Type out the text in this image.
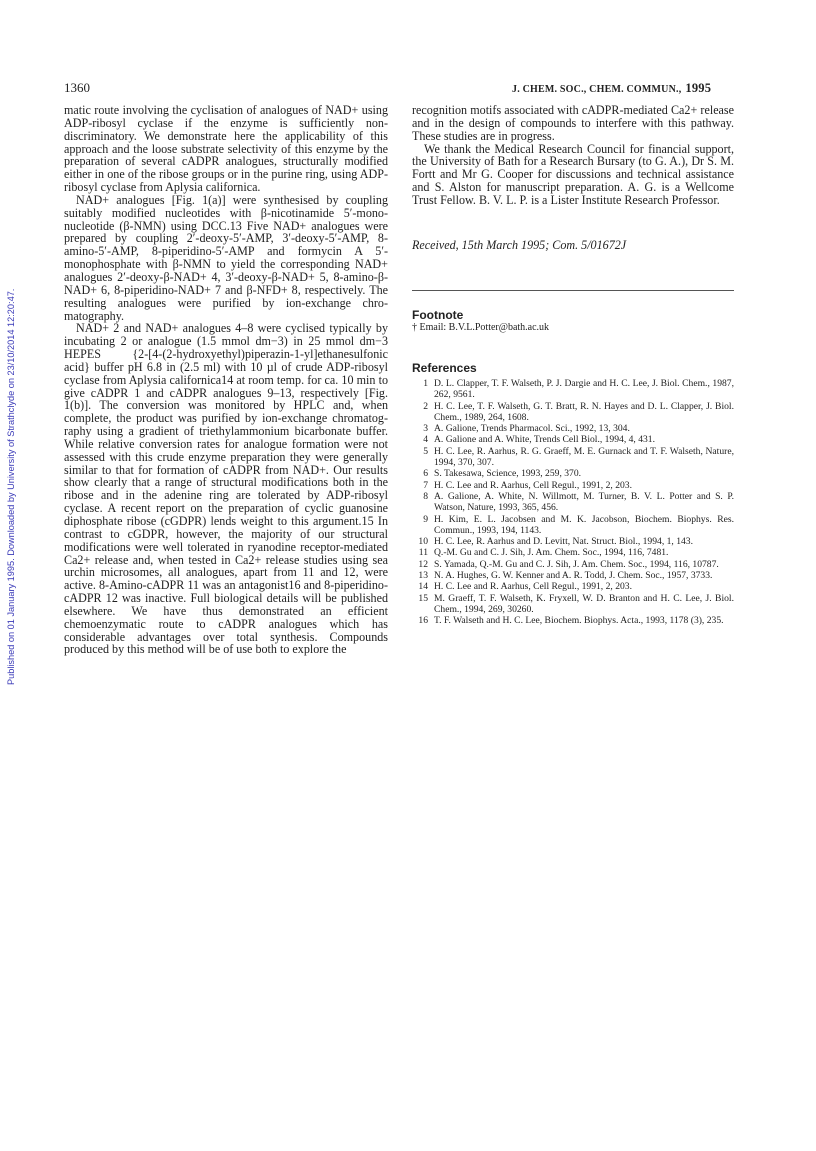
Published on 01 January 1995. Downloaded by University of Strathclyde on 23/10/2014 12:20:47.
1360	J. CHEM. SOC., CHEM. COMMUN., 1995

matic route involving the cyclisation of analogues of NAD+ using ADP-ribosyl cyclase if the enzyme is sufficiently non-discriminatory. We demonstrate here the applicability of this approach and the loose substrate selectivity of this enzyme by the preparation of several cADPR analogues, structurally modified either in one of the ribose groups or in the purine ring, using ADP-ribosyl cyclase from Aplysia californica.

NAD+ analogues [Fig. 1(a)] were synthesised by coupling suitably modified nucleotides with β-nicotinamide 5′-mono-nucleotide (β-NMN) using DCC.13 Five NAD+ analogues were prepared by coupling 2′-deoxy-5′-AMP, 3′-deoxy-5′-AMP, 8-amino-5′-AMP, 8-piperidino-5′-AMP and formycin A 5′-monophosphate with β-NMN to yield the corresponding NAD+ analogues 2′-deoxy-β-NAD+ 4, 3′-deoxy-β-NAD+ 5, 8-amino-β-NAD+ 6, 8-piperidino-NAD+ 7 and β-NFD+ 8, respectively. The resulting analogues were purified by ion-exchange chro-matography.

NAD+ 2 and NAD+ analogues 4–8 were cyclised typically by incubating 2 or analogue (1.5 mmol dm−3) in 25 mmol dm−3 HEPES {2-[4-(2-hydroxyethyl)piperazin-1-yl]ethanesulfonic acid} buffer pH 6.8 in (2.5 ml) with 10 µl of crude ADP-ribosyl cyclase from Aplysia californica14 at room temp. for ca. 10 min to give cADPR 1 and cADPR analogues 9–13, respectively [Fig. 1(b)]. The conversion was monitored by HPLC and, when complete, the product was purified by ion-exchange chromatog-raphy using a gradient of triethylammonium bicarbonate buffer. While relative conversion rates for analogue formation were not assessed with this crude enzyme preparation they were generally similar to that for formation of cADPR from NAD+. Our results show clearly that a range of structural modifications both in the ribose and in the adenine ring are tolerated by ADP-ribosyl cyclase. A recent report on the preparation of cyclic guanosine diphosphate ribose (cGDPR) lends weight to this argument.15 In contrast to cGDPR, however, the majority of our structural modifications were well tolerated in ryanodine receptor-mediated Ca2+ release and, when tested in Ca2+ release studies using sea urchin microsomes, all analogues, apart from 11 and 12, were active. 8-Amino-cADPR 11 was an antagonist16 and 8-piperidino-cADPR 12 was inactive. Full biological details will be published elsewhere. We have thus demonstrated an efficient chemoenzymatic route to cADPR analogues which has considerable advantages over total synthesis. Compounds produced by this method will be of use both to explore the

recognition motifs associated with cADPR-mediated Ca2+ release and in the design of compounds to interfere with this pathway. These studies are in progress.

We thank the Medical Research Council for financial support, the University of Bath for a Research Bursary (to G. A.), Dr S. M. Fortt and Mr G. Cooper for discussions and technical assistance and S. Alston for manuscript preparation. A. G. is a Wellcome Trust Fellow. B. V. L. P. is a Lister Institute Research Professor.

Received, 15th March 1995; Com. 5/01672J
Footnote
† Email: B.V.L.Potter@bath.ac.uk
References
1 D. L. Clapper, T. F. Walseth, P. J. Dargie and H. C. Lee, J. Biol. Chem., 1987, 262, 9561.
2 H. C. Lee, T. F. Walseth, G. T. Bratt, R. N. Hayes and D. L. Clapper, J. Biol. Chem., 1989, 264, 1608.
3 A. Galione, Trends Pharmacol. Sci., 1992, 13, 304.
4 A. Galione and A. White, Trends Cell Biol., 1994, 4, 431.
5 H. C. Lee, R. Aarhus, R. G. Graeff, M. E. Gurnack and T. F. Walseth, Nature, 1994, 370, 307.
6 S. Takesawa, Science, 1993, 259, 370.
7 H. C. Lee and R. Aarhus, Cell Regul., 1991, 2, 203.
8 A. Galione, A. White, N. Willmott, M. Turner, B. V. L. Potter and S. P. Watson, Nature, 1993, 365, 456.
9 H. Kim, E. L. Jacobsen and M. K. Jacobson, Biochem. Biophys. Res. Commun., 1993, 194, 1143.
10 H. C. Lee, R. Aarhus and D. Levitt, Nat. Struct. Biol., 1994, 1, 143.
11 Q.-M. Gu and C. J. Sih, J. Am. Chem. Soc., 1994, 116, 7481.
12 S. Yamada, Q.-M. Gu and C. J. Sih, J. Am. Chem. Soc., 1994, 116, 10787.
13 N. A. Hughes, G. W. Kenner and A. R. Todd, J. Chem. Soc., 1957, 3733.
14 H. C. Lee and R. Aarhus, Cell Regul., 1991, 2, 203.
15 M. Graeff, T. F. Walseth, K. Fryxell, W. D. Branton and H. C. Lee, J. Biol. Chem., 1994, 269, 30260.
16 T. F. Walseth and H. C. Lee, Biochem. Biophys. Acta., 1993, 1178 (3), 235.
